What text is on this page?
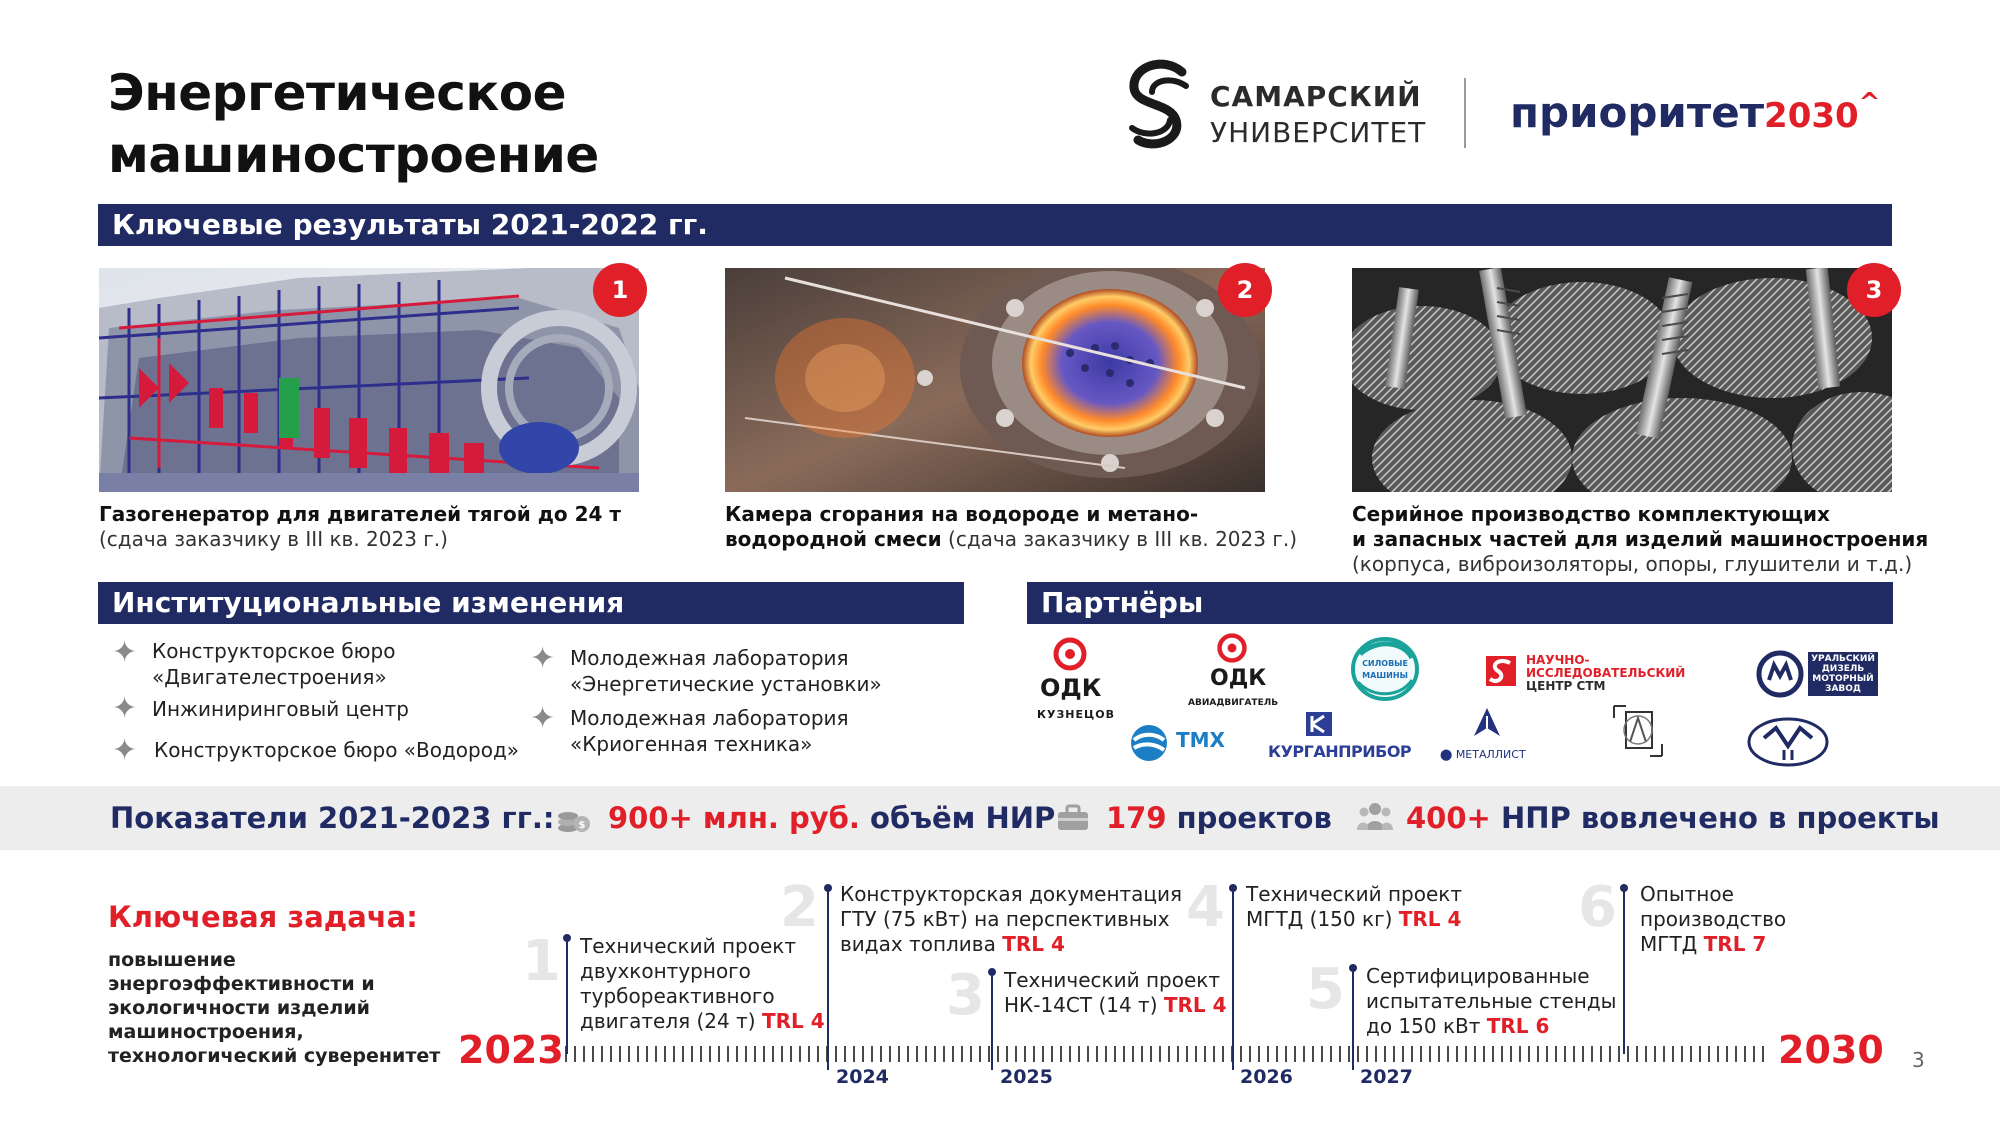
Энергетическое
машиностроение
САМАРСКИЙ
УНИВЕРСИТЕТ приоритет2030^
Ключевые результаты 2021-2022 гг.
1	2	3
Газогенератор для двигателей тягой до 24 т
(сдача заказчику в III кв. 2023 г.)
Камера сгорания на водороде и метано-
водородной смеси (сдача заказчику в III кв. 2023 г.)
Серийное производство комплектующих
и запасных частей для изделий машиностроения
(корпуса, виброизоляторы, опоры, глушители и т.д.)
Институциональные изменения
✦ Конструкторское бюро
«Двигателестроения»
✦ Инжиниринговый центр
✦ Конструкторское бюро «Водород»
✦ Молодежная лаборатория
«Энергетические установки»
✦ Молодежная лаборатория
«Криогенная техника»
Партнёры
ОДК
КУЗНЕЦОВ
ОДК
АВИАДВИГАТЕЛЬ
СИЛОВЫЕ
МАШИНЫ
НАУЧНО-
ИССЛЕДОВАТЕЛЬСКИЙ
ЦЕНТР СТМ
УРАЛЬСКИЙ
ДИЗЕЛЬ
МОТОРНЫЙ
ЗАВОД
ТМХ	КУРГАНПРИБОР	⬤ МЕТАЛЛИСТ
Показатели 2021-2023 гг.: $ 900+ млн. руб. объём НИР 179 проектов	400+ НПР вовлечено в проекты
Ключевая задача:
повышение энергоэффективности и экологичности изделий машиностроения, технологический суверенитет 2023	2030
2024	2025	2026	2027
1
2
3
4
5
6
Технический проект
двухконтурного
турбореактивного
двигателя (24 т) TRL 4
Конструкторская документация
ГТУ (75 кВт) на перспективных
видах топлива TRL 4
Технический проект
НК-14СТ (14 т) TRL 4
Технический проект
МГТД (150 кг) TRL 4
Сертифицированные
испытательные стенды
до 150 кВт TRL 6
Опытное
производство
МГТД TRL 7
3
